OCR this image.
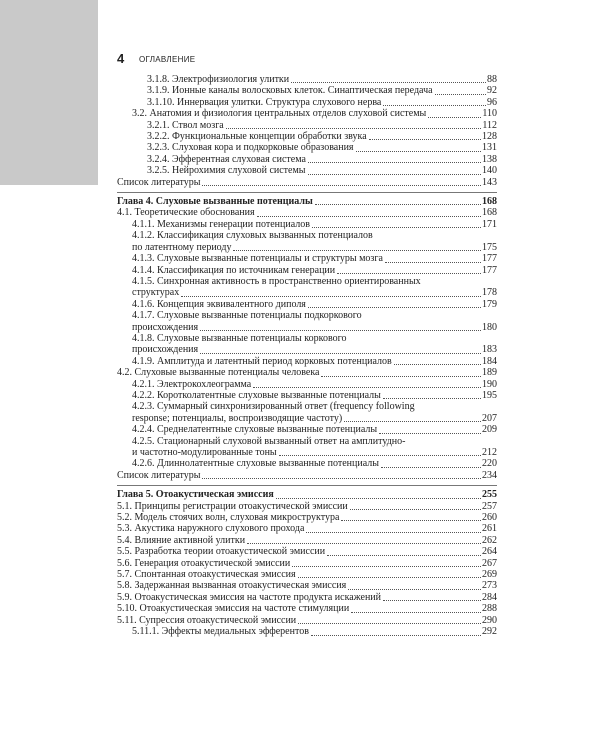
4 ОГЛАВЛЕНИЕ
3.1.8. Электрофизиология улитки	88
3.1.9. Ионные каналы волосковых клеток. Синаптическая передача	92
3.1.10. Иннервация улитки. Структура слухового нерва	96
3.2. Анатомия и физиология центральных отделов слуховой системы	110
3.2.1. Ствол мозга	112
3.2.2. Функциональные концепции обработки звука	128
3.2.3. Слуховая кора и подкорковые образования	131
3.2.4. Эфферентная слуховая система	138
3.2.5. Нейрохимия слуховой системы	140
Список литературы	143
Глава 4. Слуховые вызванные потенциалы	168
4.1. Теоретические обоснования	168
4.1.1. Механизмы генерации потенциалов	171
4.1.2. Классификация слуховых вызванных потенциалов
по латентному периоду	175
4.1.3. Слуховые вызванные потенциалы и структуры мозга	177
4.1.4. Классификация по источникам генерации	177
4.1.5. Синхронная активность в пространственно ориентированных
структурах	178
4.1.6. Концепция эквивалентного диполя	179
4.1.7. Слуховые вызванные потенциалы подкоркового
происхождения	180
4.1.8. Слуховые вызванные потенциалы коркового
происхождения	183
4.1.9. Амплитуда и латентный период корковых потенциалов	184
4.2. Слуховые вызванные потенциалы человека	189
4.2.1. Электрокохлеограмма	190
4.2.2. Коротколатентные слуховые вызванные потенциалы	195
4.2.3. Суммарный синхронизированный ответ (frequency following
response; потенциалы, воспроизводящие частоту)	207
4.2.4. Среднелатентные слуховые вызванные потенциалы	209
4.2.5. Стационарный слуховой вызванный ответ на амплитудно-
и частотно-модулированные тоны	212
4.2.6. Длиннолатентные слуховые вызванные потенциалы	220
Список литературы	234
Глава 5. Отоакустическая эмиссия	255
5.1. Принципы регистрации отоакустической эмиссии	257
5.2. Модель стоячих волн, слуховая микроструктура	260
5.3. Акустика наружного слухового прохода	261
5.4. Влияние активной улитки	262
5.5. Разработка теории отоакустической эмиссии	264
5.6. Генерация отоакустической эмиссии	267
5.7. Спонтанная отоакустическая эмиссия	269
5.8. Задержанная вызванная отоакустическая эмиссия	273
5.9. Отоакустическая эмиссия на частоте продукта искажений	284
5.10. Отоакустическая эмиссия на частоте стимуляции	288
5.11. Супрессия отоакустической эмиссии	290
5.11.1. Эффекты медиальных эфферентов	292
